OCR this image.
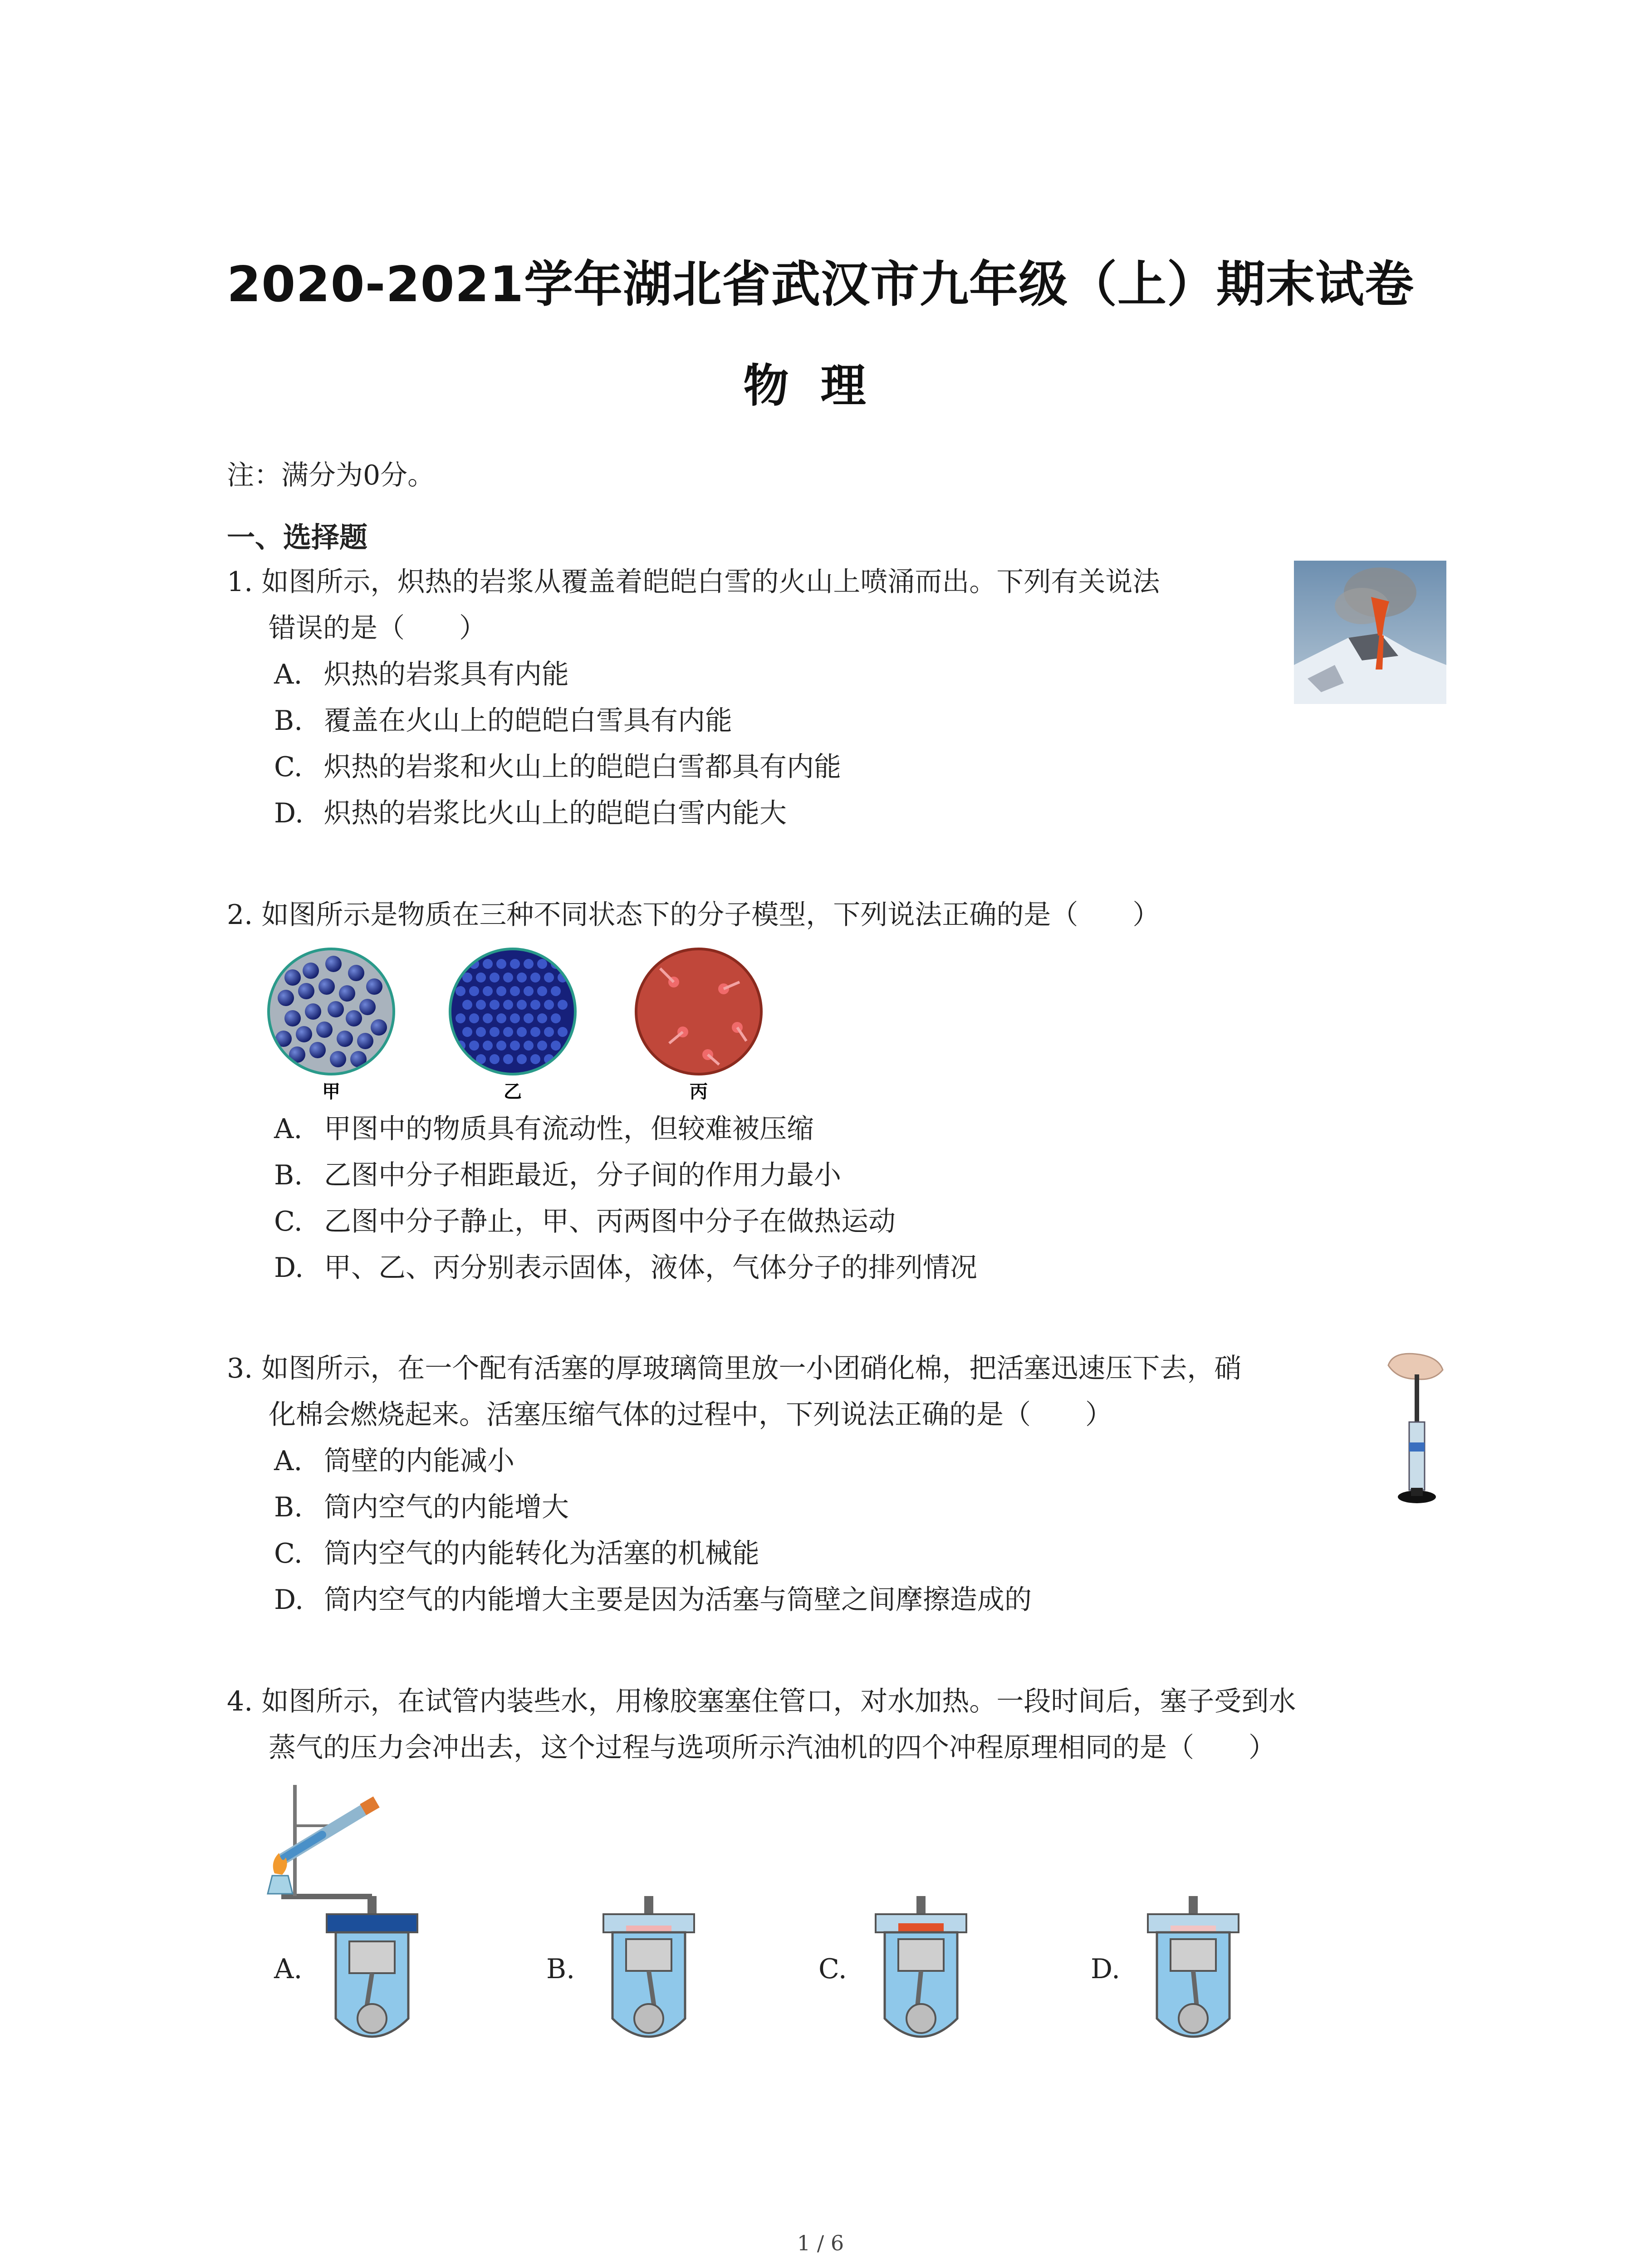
2020-2021学年湖北省武汉市九年级（上）期末试卷
物理
注：满分为0分。
一、选择题
1. 如图所示，炽热的岩浆从覆盖着皑皑白雪的火山上喷涌而出。下列有关说法
错误的是（　　）
A. 炽热的岩浆具有内能
B. 覆盖在火山上的皑皑白雪具有内能
C. 炽热的岩浆和火山上的皑皑白雪都具有内能
D. 炽热的岩浆比火山上的皑皑白雪内能大
2. 如图所示是物质在三种不同状态下的分子模型，下列说法正确的是（　　）
甲	乙	丙
A. 甲图中的物质具有流动性，但较难被压缩
B. 乙图中分子相距最近，分子间的作用力最小
C. 乙图中分子静止，甲、丙两图中分子在做热运动
D. 甲、乙、丙分别表示固体，液体，气体分子的排列情况
3. 如图所示，在一个配有活塞的厚玻璃筒里放一小团硝化棉，把活塞迅速压下去，硝
化棉会燃烧起来。活塞压缩气体的过程中，下列说法正确的是（　　）
A. 筒壁的内能减小
B. 筒内空气的内能增大
C. 筒内空气的内能转化为活塞的机械能
D. 筒内空气的内能增大主要是因为活塞与筒壁之间摩擦造成的
4. 如图所示，在试管内装些水，用橡胶塞塞住管口，对水加热。一段时间后，塞子受到水
蒸气的压力会冲出去，这个过程与选项所示汽油机的四个冲程原理相同的是（　　）
A.	B.	C.	D.
1 / 6
